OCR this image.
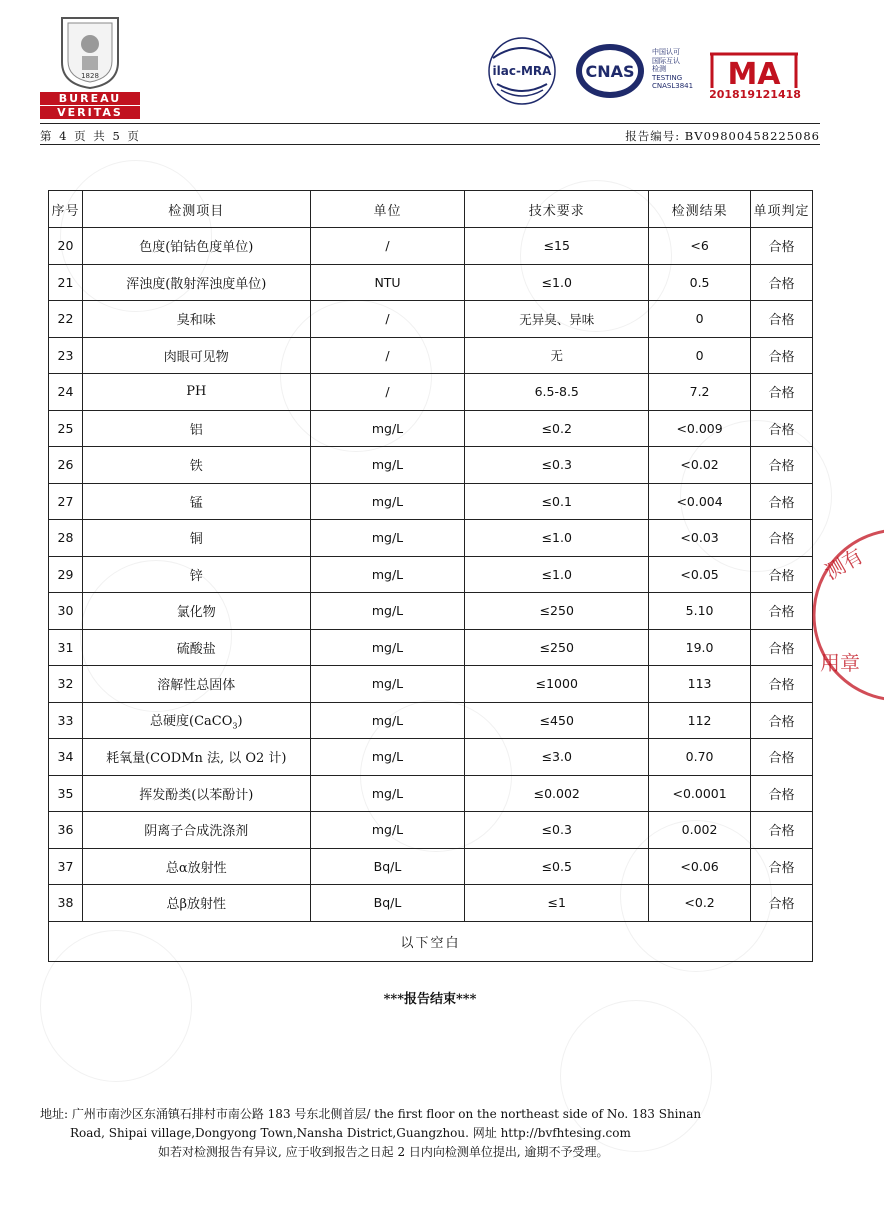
1828
BUREAU
VERITAS
ilac-MRA CNAS
中国认可
国际互认
检测
TESTING
CNASL3841	MA
201819121418
第 4 页 共 5 页	报告编号: BV09800458225086
序号	检测项目	单位	技术要求	检测结果	单项判定
20	色度(铂钴色度单位)	/	≤15	<6	合格
21	浑浊度(散射浑浊度单位)	NTU	≤1.0	0.5	合格
22	臭和味	/	无异臭、异味	0	合格
23	肉眼可见物	/	无	0	合格
24	PH	/	6.5-8.5	7.2	合格
25	铝	mg/L	≤0.2	<0.009	合格
26	铁	mg/L	≤0.3	<0.02	合格
27	锰	mg/L	≤0.1	<0.004	合格
28	铜	mg/L	≤1.0	<0.03	合格
29	锌	mg/L	≤1.0	<0.05	合格
30	氯化物	mg/L	≤250	5.10	合格
31	硫酸盐	mg/L	≤250	19.0	合格
32	溶解性总固体	mg/L	≤1000	113	合格
33	总硬度(CaCO$_3$)	mg/L	≤450	112	合格
34	耗氧量(CODMn 法, 以 O2 计)	mg/L	≤3.0	0.70	合格
35	挥发酚类(以苯酚计)	mg/L	≤0.002	<0.0001	合格
36	阴离子合成洗涤剂	mg/L	≤0.3	0.002	合格
37	总α放射性	Bq/L	≤0.5	<0.06	合格
38	总β放射性	Bq/L	≤1	<0.2	合格
以下空白					
***报告结束***
测有
用章
地址: 广州市南沙区东涌镇石排村市南公路 183 号东北侧首层/ the first floor on the northeast side of No. 183 Shinan
Road, Shipai village,Dongyong Town,Nansha District,Guangzhou. 网址 http://bvfhtesing.com
如若对检测报告有异议, 应于收到报告之日起 2 日内向检测单位提出, 逾期不予受理。
